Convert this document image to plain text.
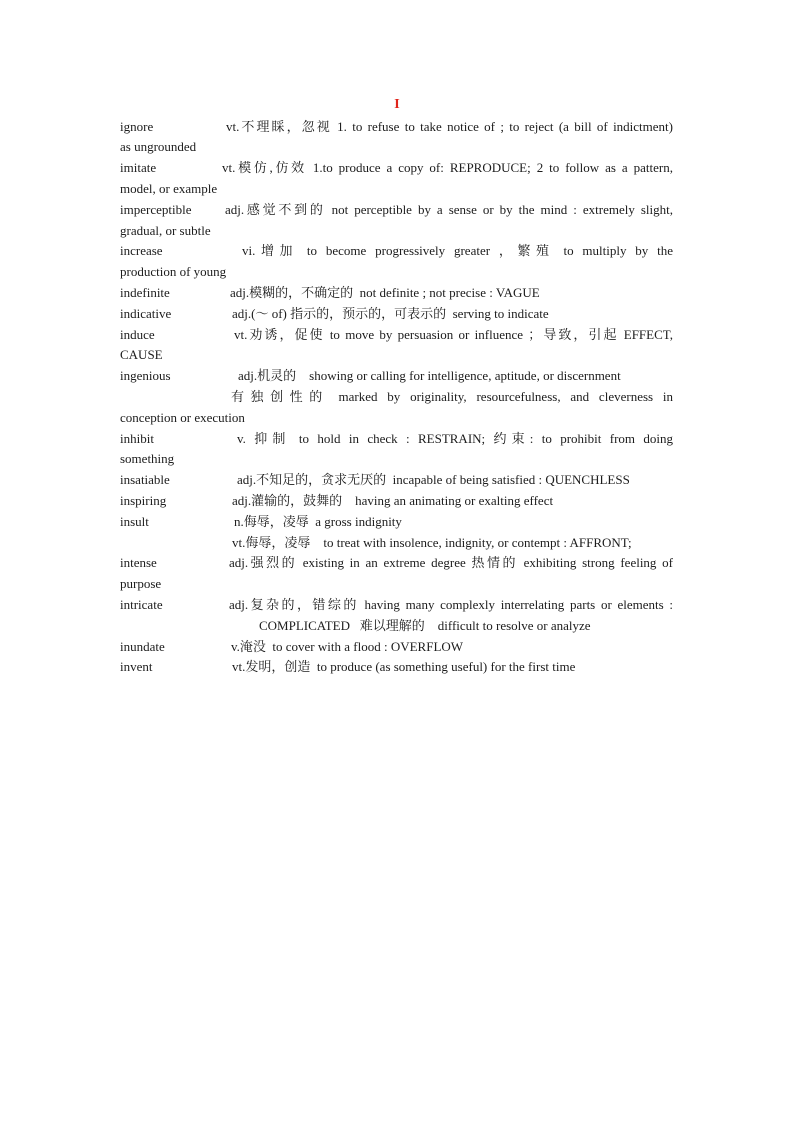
I
ignore	vt.不理睬，忽视 1. to refuse to take notice of ; to reject (a bill of indictment)
as ungrounded
imitate	vt.模仿,仿效 1.to produce a copy of: REPRODUCE; 2 to follow as a pattern,
model, or example
imperceptible	adj.感觉不到的 not perceptible by a sense or by the mind : extremely slight,
gradual, or subtle
increase	vi.增加 to become progressively greater ，繁殖 to multiply by the
production of young
indefinite	adj.模糊的，不确定的  not definite ; not precise : VAGUE
indicative	adj.(～ of) 指示的，预示的，可表示的  serving to indicate
induce	vt.劝诱，促使 to move by persuasion or influence ；导致，引起 EFFECT,
CAUSE
ingenious	adj.机灵的    showing or calling for intelligence, aptitude, or discernment
有独创性的 marked by originality, resourcefulness, and cleverness in
conception or execution
inhibit	v. 抑制 to hold in check : RESTRAIN; 约束: to prohibit from doing
something
insatiable	adj.不知足的，贪求无厌的  incapable of being satisfied : QUENCHLESS
inspiring	adj.灌输的，鼓舞的    having an animating or exalting effect
insult	n.侮辱，凌辱  a gross indignity
vt.侮辱，凌辱    to treat with insolence, indignity, or contempt : AFFRONT;
intense	adj.强烈的 existing in an extreme degree 热情的 exhibiting strong feeling of
purpose
intricate	adj.复杂的，错综的 having many complexly interrelating parts or elements :
COMPLICATED   难以理解的    difficult to resolve or analyze
inundate	v.淹没  to cover with a flood : OVERFLOW
invent	vt.发明，创造  to produce (as something useful) for the first time
